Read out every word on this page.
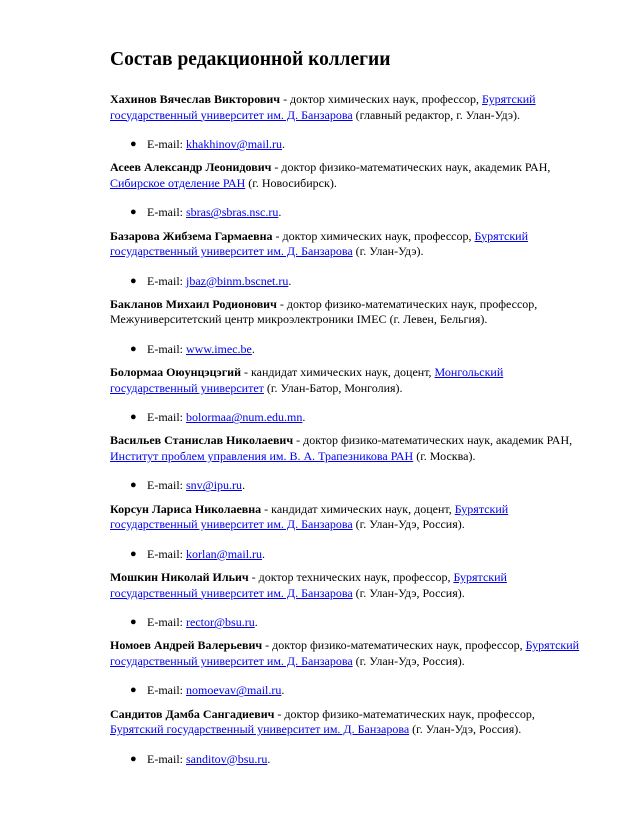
Состав редакционной коллегии

Хахинов Вячеслав Викторович - доктор химических наук, профессор, Бурятский государственный университет им. Д. Банзарова (главный редактор, г. Улан-Удэ).

● E-mail: khakhinov@mail.ru.

Асеев Александр Леонидович - доктор физико-математических наук, академик РАН, Сибирское отделение РАН (г. Новосибирск).

● E-mail: sbras@sbras.nsc.ru.

Базарова Жибзема Гармаевна - доктор химических наук, профессор, Бурятский государственный университет им. Д. Банзарова (г. Улан-Удэ).

● E-mail: jbaz@binm.bscnet.ru.

Бакланов Михаил Родионович - доктор физико-математических наук, профессор, Межуниверситетский центр микроэлектроники IMEC (г. Левен, Бельгия).

● E-mail: www.imec.be.

Болормаа Оюунцэцэгий - кандидат химических наук, доцент, Монгольский государственный университет (г. Улан-Батор, Монголия).

● E-mail: bolormaa@num.edu.mn.

Васильев Станислав Николаевич - доктор физико-математических наук, академик РАН, Институт проблем управления им. В. А. Трапезникова РАН (г. Москва).

● E-mail: snv@ipu.ru.

Корсун Лариса Николаевна - кандидат химических наук, доцент, Бурятский государственный университет им. Д. Банзарова (г. Улан-Удэ, Россия).

● E-mail: korlan@mail.ru.

Мошкин Николай Ильич - доктор технических наук, профессор, Бурятский государственный университет им. Д. Банзарова (г. Улан-Удэ, Россия).

● E-mail: rector@bsu.ru.

Номоев Андрей Валерьевич - доктор физико-математических наук, профессор, Бурятский государственный университет им. Д. Банзарова (г. Улан-Удэ, Россия).

● E-mail: nomoevav@mail.ru.

Сандитов Дамба Сангадиевич - доктор физико-математических наук, профессор, Бурятский государственный университет им. Д. Банзарова (г. Улан-Удэ, Россия).

● E-mail: sanditov@bsu.ru.
